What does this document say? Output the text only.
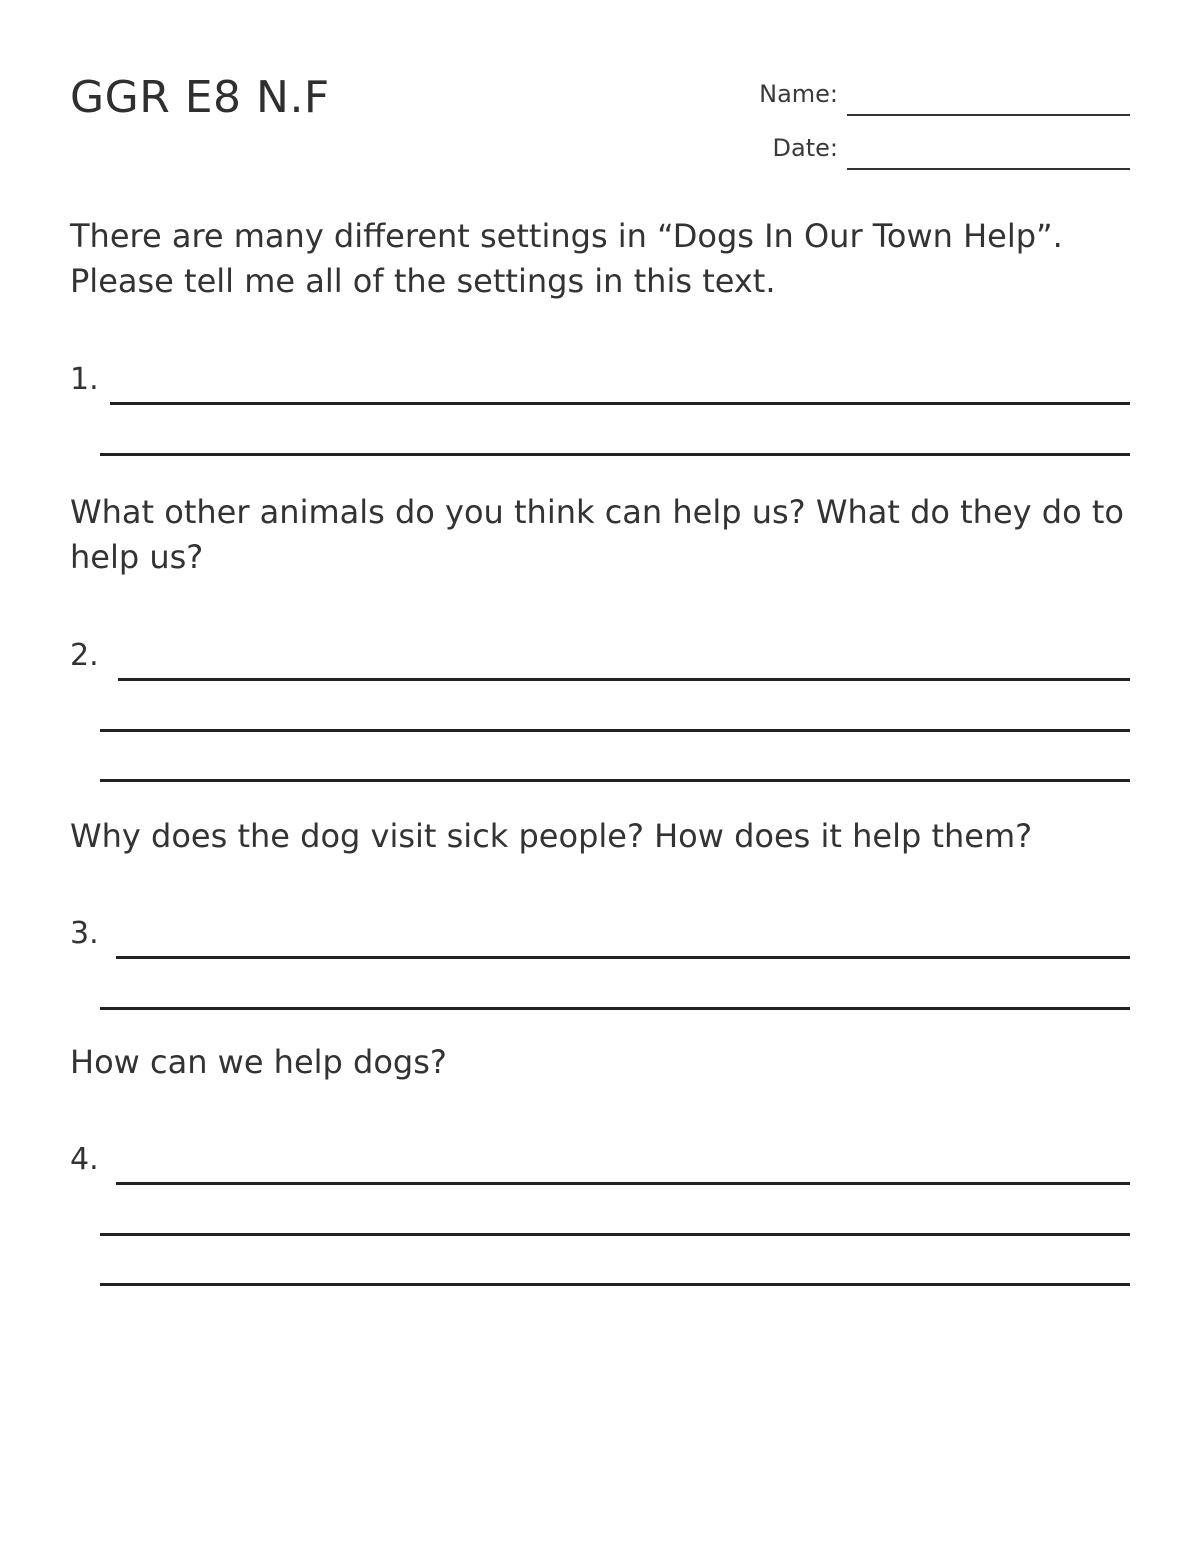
GGR E8 N.F	Name:
Date:
There are many different settings in “Dogs In Our Town Help”. Please tell me all of the settings in this text.
1.
What other animals do you think can help us? What do they do to help us?
2.
Why does the dog visit sick people? How does it help them?
3.
How can we help dogs?
4.
